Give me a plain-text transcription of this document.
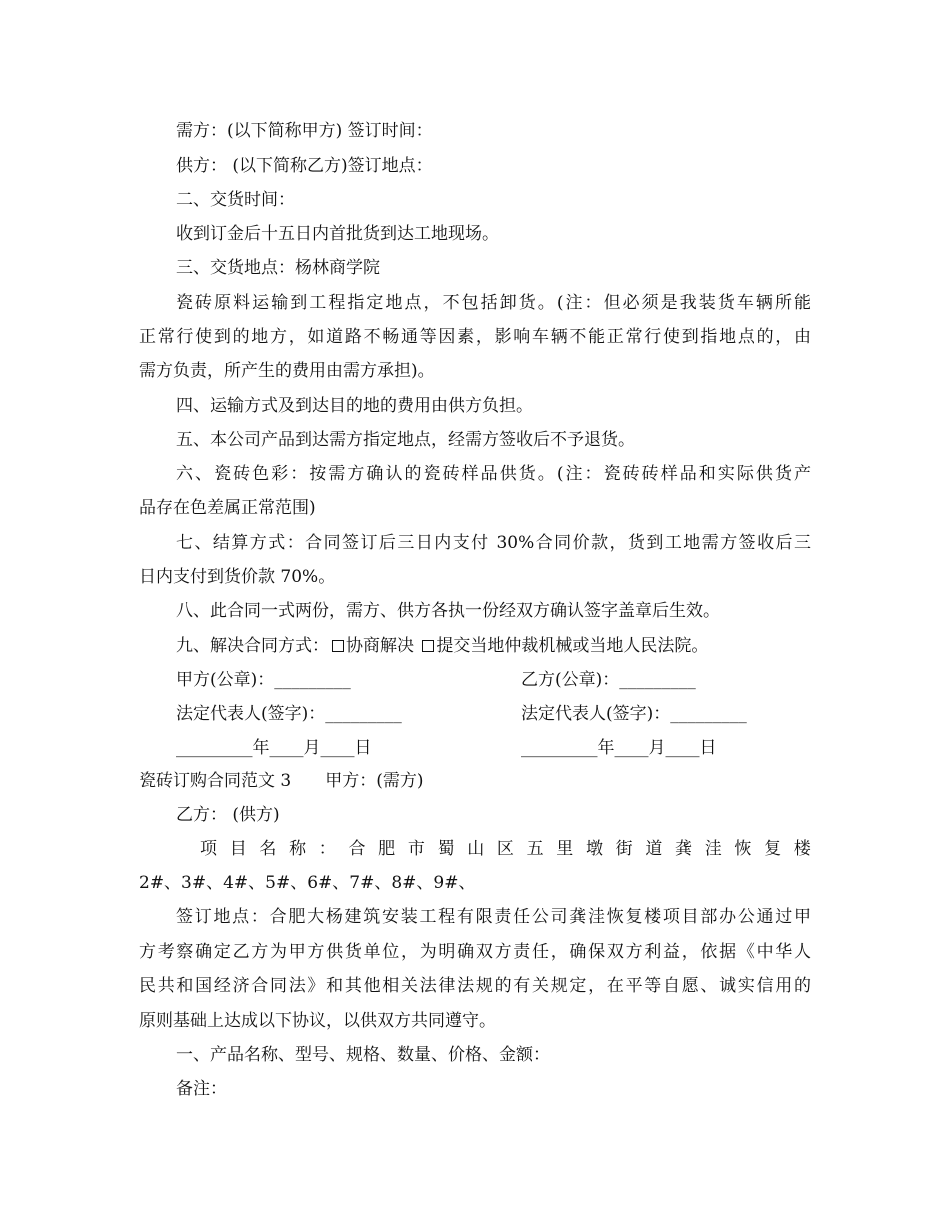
需方：(以下简称甲方) 签订时间：
供方： (以下简称乙方)签订地点：
二、交货时间：
收到订金后十五日内首批货到达工地现场。
三、交货地点：杨林商学院
瓷砖原料运输到工程指定地点，不包括卸货。(注：但必须是我装货车辆所能
正常行使到的地方，如道路不畅通等因素，影响车辆不能正常行使到指地点的，由
需方负责，所产生的费用由需方承担)。
四、运输方式及到达目的地的费用由供方负担。
五、本公司产品到达需方指定地点，经需方签收后不予退货。
六、瓷砖色彩：按需方确认的瓷砖样品供货。(注：瓷砖砖样品和实际供货产
品存在色差属正常范围)
七、结算方式：合同签订后三日内支付 30%合同价款，货到工地需方签收后三
日内支付到货价款 70%。
八、此合同一式两份，需方、供方各执一份经双方确认签字盖章后生效。
九、解决合同方式： 协商解决 提交当地仲裁机械或当地人民法院。
甲方(公章)：_________	乙方(公章)：_________
法定代表人(签字)：_________	法定代表人(签字)：_________
_________年____月____日	_________年____月____日
瓷砖订购合同范文 3　　甲方：(需方)
乙方： (供方)
项 目 名 称 ： 合 肥 市 蜀 山 区 五 里 墩 街 道 龚 洼 恢 复 楼
2#、3#、4#、5#、6#、7#、8#、9#、
签订地点：合肥大杨建筑安装工程有限责任公司龚洼恢复楼项目部办公通过甲
方考察确定乙方为甲方供货单位，为明确双方责任，确保双方利益，依据《中华人
民共和国经济合同法》和其他相关法律法规的有关规定，在平等自愿、诚实信用的
原则基础上达成以下协议，以供双方共同遵守。
一、产品名称、型号、规格、数量、价格、金额：
备注：
